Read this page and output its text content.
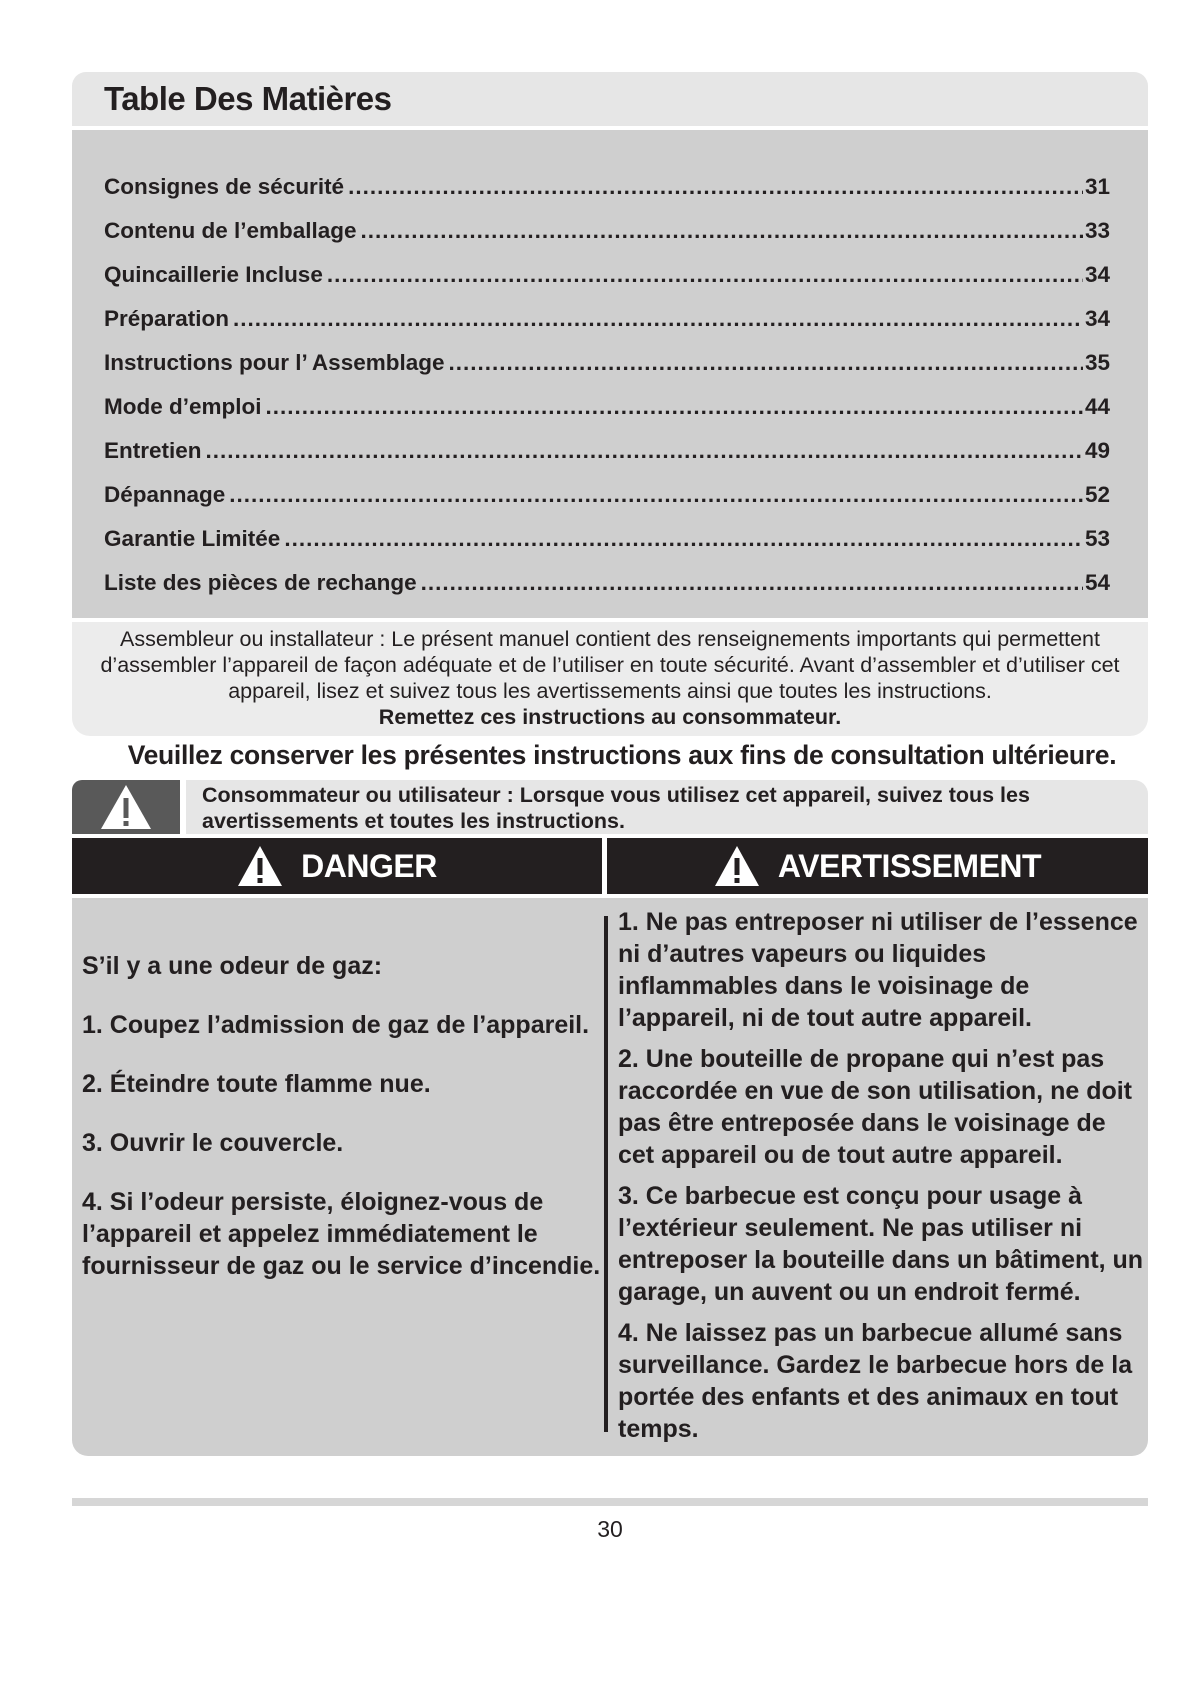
Table Des Matières
Consignes de sécurité .....	31
Contenu de l’emballage .....	33
Quincaillerie Incluse .....	34
Préparation .....	34
Instructions pour l’ Assemblage .....	35
Mode d’emploi .....	44
Entretien .....	49
Dépannage .....	52
Garantie Limitée .....	53
Liste des pièces de rechange .....	54

Assembleur ou installateur : Le présent manuel contient des renseignements importants qui permettent d’assembler l’appareil de façon adéquate et de l’utiliser en toute sécurité. Avant d’assembler et d’utiliser cet appareil, lisez et suivez tous les avertissements ainsi que toutes les instructions.

Remettez ces instructions au consommateur.

Veuillez conserver les présentes instructions aux fins de consultation ultérieure.
Consommateur ou utilisateur : Lorsque vous utilisez cet appareil, suivez tous les avertissements et toutes les instructions.
DANGER	AVERTISSEMENT

S’il y a une odeur de gaz:

1. Coupez l’admission de gaz de l’appareil.

2. Éteindre toute flamme nue.

3. Ouvrir le couvercle.

4. Si l’odeur persiste, éloignez-vous de l’appareil et appelez immédiatement le fournisseur de gaz ou le service d’incendie.

1. Ne pas entreposer ni utiliser de l’essence ni d’autres vapeurs ou liquides inflammables dans le voisinage de l’appareil, ni de tout autre appareil.

2. Une bouteille de propane qui n’est pas raccordée en vue de son utilisation, ne doit pas être entreposée dans le voisinage de cet appareil ou de tout autre appareil.

3. Ce barbecue est conçu pour usage à l’extérieur seulement. Ne pas utiliser ni entreposer la bouteille dans un bâtiment, un garage, un auvent ou un endroit fermé.

4. Ne laissez pas un barbecue allumé sans surveillance. Gardez le barbecue hors de la portée des enfants et des animaux en tout temps.

30
